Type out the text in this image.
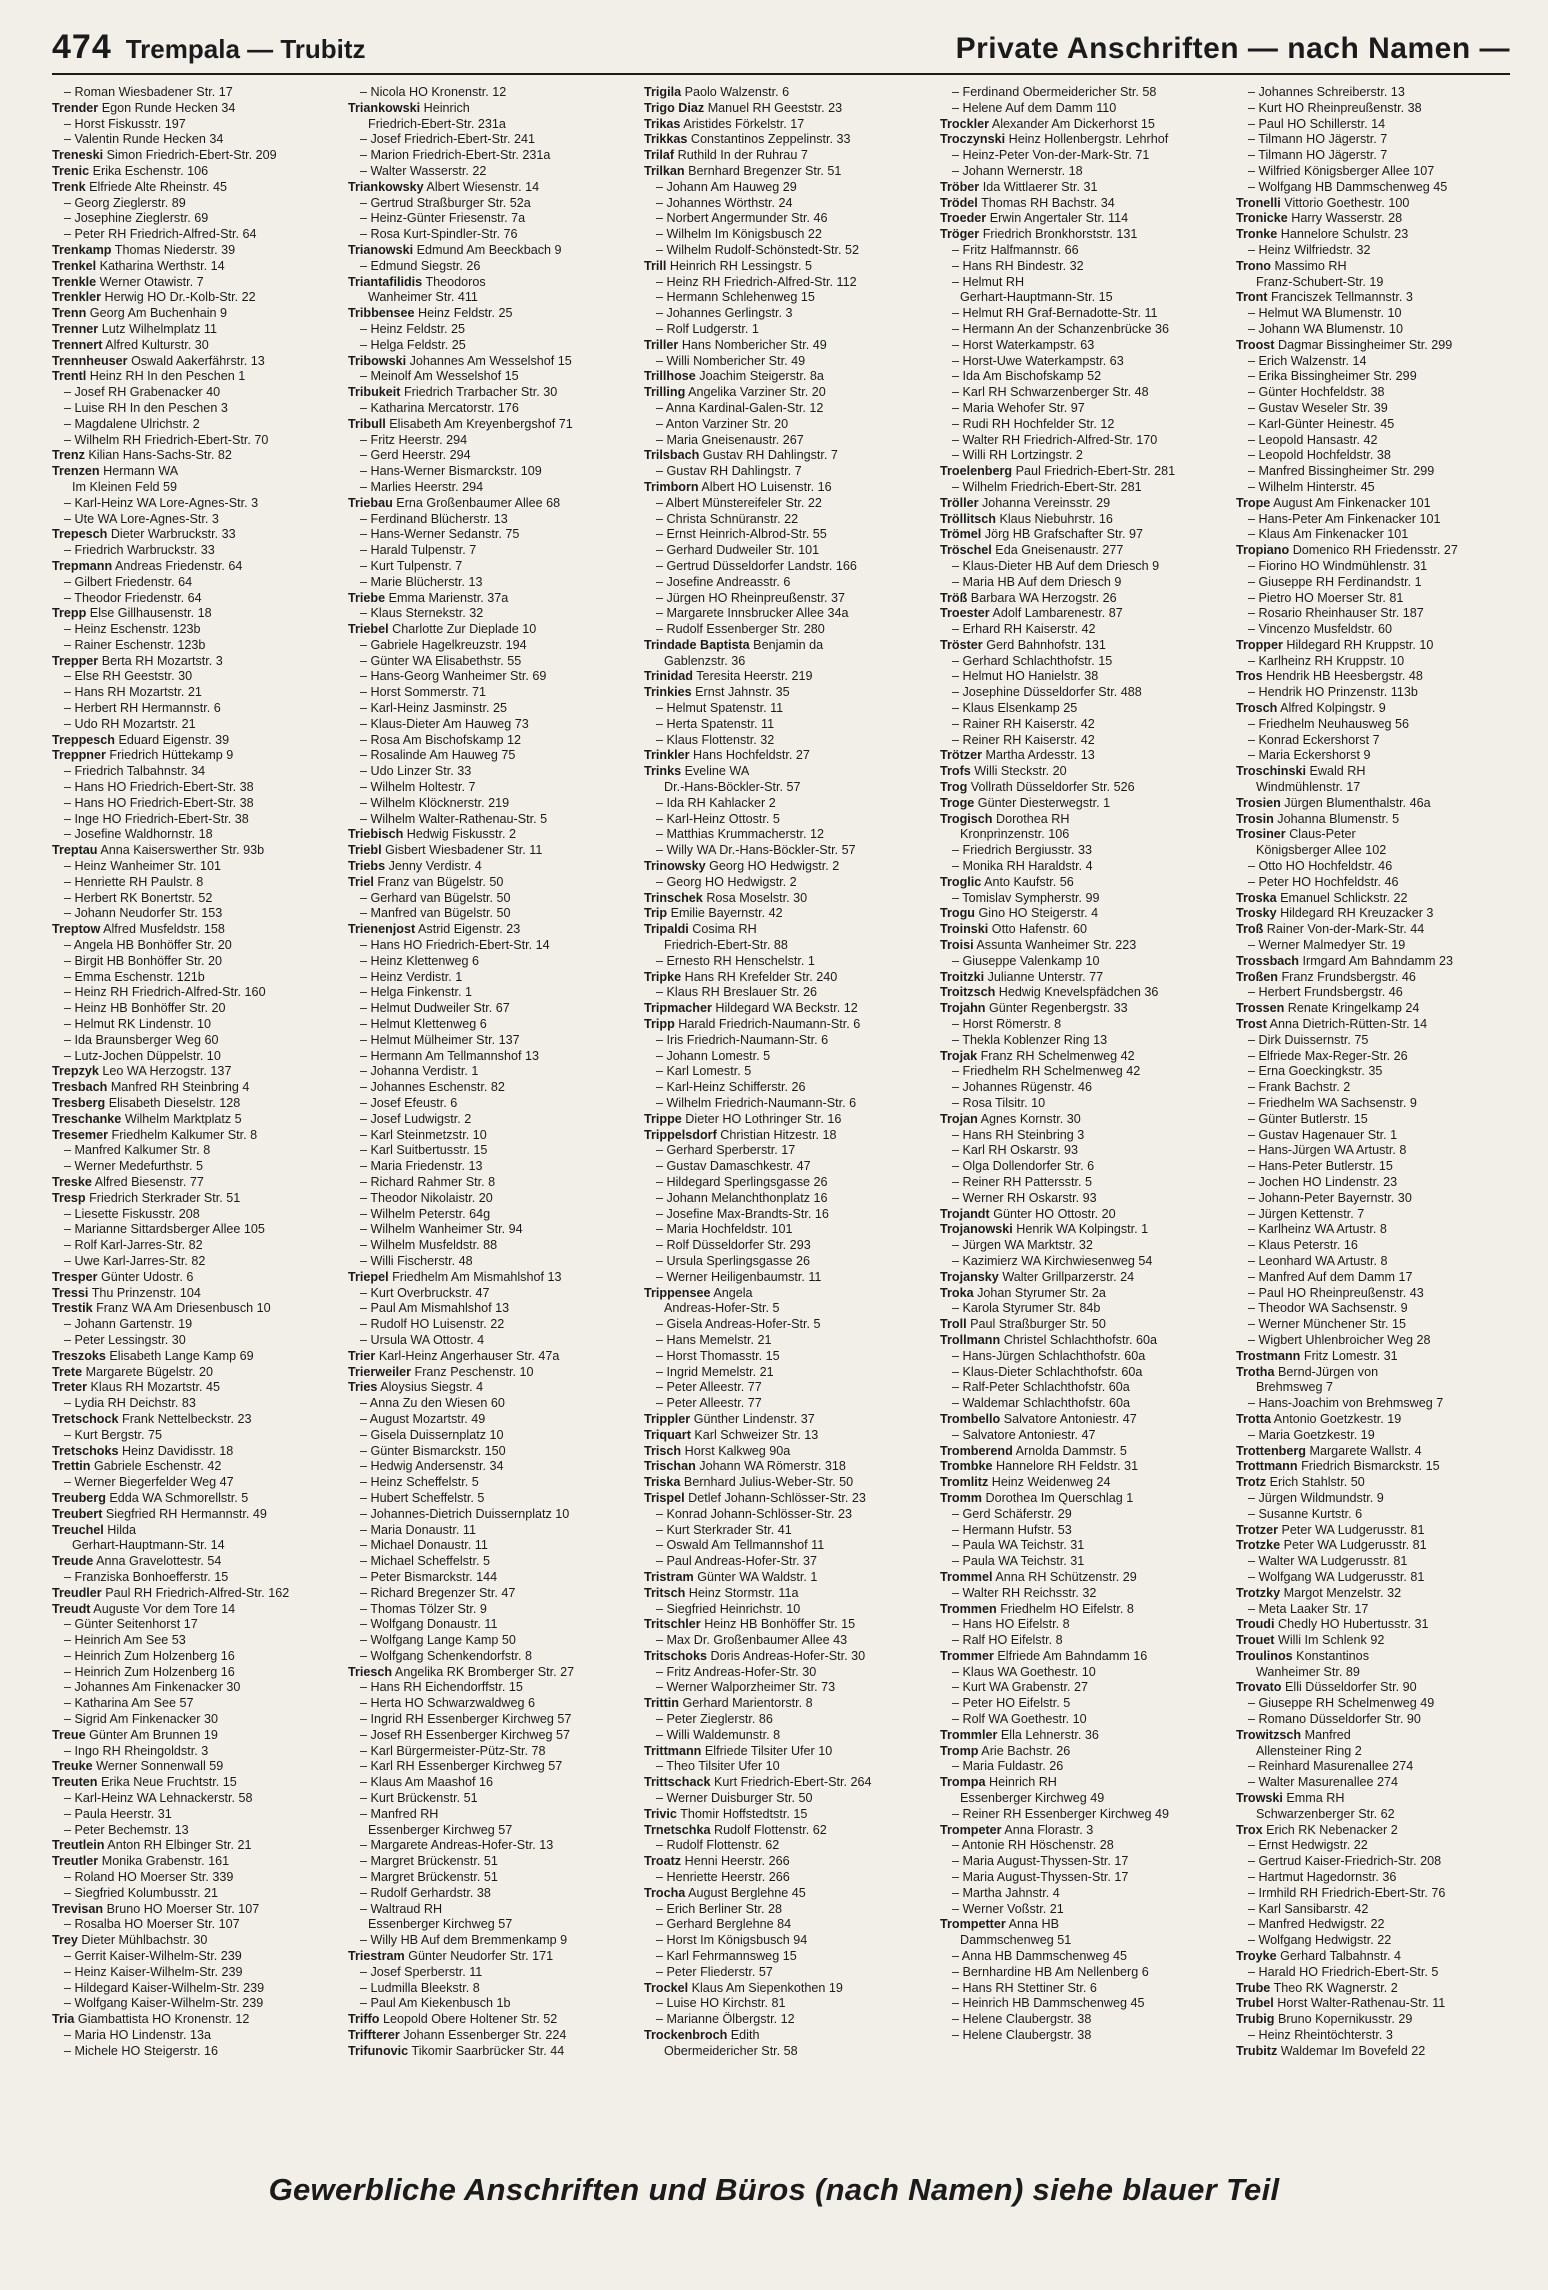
474 Trempala — Trubitz	Private Anschriften — nach Namen —
– Roman Wiesbadener Str. 17
Trender Egon Runde Hecken 34
– Horst Fiskusstr. 197
– Valentin Runde Hecken 34
Treneski Simon Friedrich-Ebert-Str. 209
Trenic Erika Eschenstr. 106
Trenk Elfriede Alte Rheinstr. 45
– Georg Zieglerstr. 89
– Josephine Zieglerstr. 69
– Peter RH Friedrich-Alfred-Str. 64
Trenkamp Thomas Niederstr. 39
Trenkel Katharina Werthstr. 14
Trenkle Werner Otawistr. 7
Trenkler Herwig HO Dr.-Kolb-Str. 22
Trenn Georg Am Buchenhain 9
Trenner Lutz Wilhelmplatz 11
Trennert Alfred Kulturstr. 30
Trennheuser Oswald Aakerfährstr. 13
Trentl Heinz RH In den Peschen 1
– Josef RH Grabenacker 40
– Luise RH In den Peschen 3
– Magdalene Ulrichstr. 2
– Wilhelm RH Friedrich-Ebert-Str. 70
Trenz Kilian Hans-Sachs-Str. 82
Trenzen Hermann WA
Im Kleinen Feld 59
– Karl-Heinz WA Lore-Agnes-Str. 3
– Ute WA Lore-Agnes-Str. 3
Trepesch Dieter Warbruckstr. 33
– Friedrich Warbruckstr. 33
Trepmann Andreas Friedenstr. 64
– Gilbert Friedenstr. 64
– Theodor Friedenstr. 64
Trepp Else Gillhausenstr. 18
– Heinz Eschenstr. 123b
– Rainer Eschenstr. 123b
Trepper Berta RH Mozartstr. 3
– Else RH Geeststr. 30
– Hans RH Mozartstr. 21
– Herbert RH Hermannstr. 6
– Udo RH Mozartstr. 21
Treppesch Eduard Eigenstr. 39
Treppner Friedrich Hüttekamp 9
– Friedrich Talbahnstr. 34
– Hans HO Friedrich-Ebert-Str. 38
– Hans HO Friedrich-Ebert-Str. 38
– Inge HO Friedrich-Ebert-Str. 38
– Josefine Waldhornstr. 18
Treptau Anna Kaiserswerther Str. 93b
– Heinz Wanheimer Str. 101
– Henriette RH Paulstr. 8
– Herbert RK Bonertstr. 52
– Johann Neudorfer Str. 153
Treptow Alfred Musfeldstr. 158
– Angela HB Bonhöffer Str. 20
– Birgit HB Bonhöffer Str. 20
– Emma Eschenstr. 121b
– Heinz RH Friedrich-Alfred-Str. 160
– Heinz HB Bonhöffer Str. 20
– Helmut RK Lindenstr. 10
– Ida Braunsberger Weg 60
– Lutz-Jochen Düppelstr. 10
Trepzyk Leo WA Herzogstr. 137
Tresbach Manfred RH Steinbring 4
Tresberg Elisabeth Dieselstr. 128
Treschanke Wilhelm Marktplatz 5
Tresemer Friedhelm Kalkumer Str. 8
– Manfred Kalkumer Str. 8
– Werner Medefurthstr. 5
Treske Alfred Biesenstr. 77
Tresp Friedrich Sterkrader Str. 51
– Liesette Fiskusstr. 208
– Marianne Sittardsberger Allee 105
– Rolf Karl-Jarres-Str. 82
– Uwe Karl-Jarres-Str. 82
Tresper Günter Udostr. 6
Tressi Thu Prinzenstr. 104
Trestik Franz WA Am Driesenbusch 10
– Johann Gartenstr. 19
– Peter Lessingstr. 30
Treszoks Elisabeth Lange Kamp 69
Trete Margarete Bügelstr. 20
Treter Klaus RH Mozartstr. 45
– Lydia RH Deichstr. 83
Tretschock Frank Nettelbeckstr. 23
– Kurt Bergstr. 75
Tretschoks Heinz Davidisstr. 18
Trettin Gabriele Eschenstr. 42
– Werner Biegerfelder Weg 47
Treuberg Edda WA Schmorellstr. 5
Treubert Siegfried RH Hermannstr. 49
Treuchel Hilda
Gerhart-Hauptmann-Str. 14
Treude Anna Gravelottestr. 54
– Franziska Bonhoefferstr. 15
Treudler Paul RH Friedrich-Alfred-Str. 162
Treudt Auguste Vor dem Tore 14
– Günter Seitenhorst 17
– Heinrich Am See 53
– Heinrich Zum Holzenberg 16
– Heinrich Zum Holzenberg 16
– Johannes Am Finkenacker 30
– Katharina Am See 57
– Sigrid Am Finkenacker 30
Treue Günter Am Brunnen 19
– Ingo RH Rheingoldstr. 3
Treuke Werner Sonnenwall 59
Treuten Erika Neue Fruchtstr. 15
– Karl-Heinz WA Lehnackerstr. 58
– Paula Heerstr. 31
– Peter Bechemstr. 13
Treutlein Anton RH Elbinger Str. 21
Treutler Monika Grabenstr. 161
– Roland HO Moerser Str. 339
– Siegfried Kolumbusstr. 21
Trevisan Bruno HO Moerser Str. 107
– Rosalba HO Moerser Str. 107
Trey Dieter Mühlbachstr. 30
– Gerrit Kaiser-Wilhelm-Str. 239
– Heinz Kaiser-Wilhelm-Str. 239
– Hildegard Kaiser-Wilhelm-Str. 239
– Wolfgang Kaiser-Wilhelm-Str. 239
Tria Giambattista HO Kronenstr. 12
– Maria HO Lindenstr. 13a
– Michele HO Steigerstr. 16
– Nicola HO Kronenstr. 12
Triankowski Heinrich
Friedrich-Ebert-Str. 231a
– Josef Friedrich-Ebert-Str. 241
– Marion Friedrich-Ebert-Str. 231a
– Walter Wasserstr. 22
Triankowsky Albert Wiesenstr. 14
– Gertrud Straßburger Str. 52a
– Heinz-Günter Friesenstr. 7a
– Rosa Kurt-Spindler-Str. 76
Trianowski Edmund Am Beeckbach 9
– Edmund Siegstr. 26
Triantafilidis Theodoros
Wanheimer Str. 411
Tribbensee Heinz Feldstr. 25
– Heinz Feldstr. 25
– Helga Feldstr. 25
Tribowski Johannes Am Wesselshof 15
– Meinolf Am Wesselshof 15
Tribukeit Friedrich Trarbacher Str. 30
– Katharina Mercatorstr. 176
Tribull Elisabeth Am Kreyenbergshof 71
– Fritz Heerstr. 294
– Gerd Heerstr. 294
– Hans-Werner Bismarckstr. 109
– Marlies Heerstr. 294
Triebau Erna Großenbaumer Allee 68
– Ferdinand Blücherstr. 13
– Hans-Werner Sedanstr. 75
– Harald Tulpenstr. 7
– Kurt Tulpenstr. 7
– Marie Blücherstr. 13
Triebe Emma Marienstr. 37a
– Klaus Sternekstr. 32
Triebel Charlotte Zur Dieplade 10
– Gabriele Hagelkreuzstr. 194
– Günter WA Elisabethstr. 55
– Hans-Georg Wanheimer Str. 69
– Horst Sommerstr. 71
– Karl-Heinz Jasminstr. 25
– Klaus-Dieter Am Hauweg 73
– Rosa Am Bischofskamp 12
– Rosalinde Am Hauweg 75
– Udo Linzer Str. 33
– Wilhelm Holtestr. 7
– Wilhelm Klöcknerstr. 219
– Wilhelm Walter-Rathenau-Str. 5
Triebisch Hedwig Fiskusstr. 2
Triebl Gisbert Wiesbadener Str. 11
Triebs Jenny Verdistr. 4
Triel Franz van Bügelstr. 50
– Gerhard van Bügelstr. 50
– Manfred van Bügelstr. 50
Trienenjost Astrid Eigenstr. 23
– Hans HO Friedrich-Ebert-Str. 14
– Heinz Klettenweg 6
– Heinz Verdistr. 1
– Helga Finkenstr. 1
– Helmut Dudweiler Str. 67
– Helmut Klettenweg 6
– Helmut Mülheimer Str. 137
– Hermann Am Tellmannshof 13
– Johanna Verdistr. 1
– Johannes Eschenstr. 82
– Josef Efeustr. 6
– Josef Ludwigstr. 2
– Karl Steinmetzstr. 10
– Karl Suitbertusstr. 15
– Maria Friedenstr. 13
– Richard Rahmer Str. 8
– Theodor Nikolaistr. 20
– Wilhelm Peterstr. 64g
– Wilhelm Wanheimer Str. 94
– Wilhelm Musfeldstr. 88
– Willi Fischerstr. 48
Triepel Friedhelm Am Mismahlshof 13
– Kurt Overbruckstr. 47
– Paul Am Mismahlshof 13
– Rudolf HO Luisenstr. 22
– Ursula WA Ottostr. 4
Trier Karl-Heinz Angerhauser Str. 47a
Trierweiler Franz Peschenstr. 10
Tries Aloysius Siegstr. 4
– Anna Zu den Wiesen 60
– August Mozartstr. 49
– Gisela Duissernplatz 10
– Günter Bismarckstr. 150
– Hedwig Andersenstr. 34
– Heinz Scheffelstr. 5
– Hubert Scheffelstr. 5
– Johannes-Dietrich Duissernplatz 10
– Maria Donaustr. 11
– Michael Donaustr. 11
– Michael Scheffelstr. 5
– Peter Bismarckstr. 144
– Richard Bregenzer Str. 47
– Thomas Tölzer Str. 9
– Wolfgang Donaustr. 11
– Wolfgang Lange Kamp 50
– Wolfgang Schenkendorfstr. 8
Triesch Angelika RK Bromberger Str. 27
– Hans RH Eichendorffstr. 15
– Herta HO Schwarzwaldweg 6
– Ingrid RH Essenberger Kirchweg 57
– Josef RH Essenberger Kirchweg 57
– Karl Bürgermeister-Pütz-Str. 78
– Karl RH Essenberger Kirchweg 57
– Klaus Am Maashof 16
– Kurt Brückenstr. 51
– Manfred RH
Essenberger Kirchweg 57
– Margarete Andreas-Hofer-Str. 13
– Margret Brückenstr. 51
– Margret Brückenstr. 51
– Rudolf Gerhardstr. 38
– Waltraud RH
Essenberger Kirchweg 57
– Willy HB Auf dem Bremmenkamp 9
Triestram Günter Neudorfer Str. 171
– Josef Sperberstr. 11
– Ludmilla Bleekstr. 8
– Paul Am Kiekenbusch 1b
Triffo Leopold Obere Holtener Str. 52
Triffterer Johann Essenberger Str. 224
Trifunovic Tikomir Saarbrücker Str. 44
Trigila Paolo Walzenstr. 6
Trigo Diaz Manuel RH Geeststr. 23
Trikas Aristides Förkelstr. 17
Trikkas Constantinos Zeppelinstr. 33
Trilaf Ruthild In der Ruhrau 7
Trilkan Bernhard Bregenzer Str. 51
– Johann Am Hauweg 29
– Johannes Wörthstr. 24
– Norbert Angermunder Str. 46
– Wilhelm Im Königsbusch 22
– Wilhelm Rudolf-Schönstedt-Str. 52
Trill Heinrich RH Lessingstr. 5
– Heinz RH Friedrich-Alfred-Str. 112
– Hermann Schlehenweg 15
– Johannes Gerlingstr. 3
– Rolf Ludgerstr. 1
Triller Hans Nombericher Str. 49
– Willi Nombericher Str. 49
Trillhose Joachim Steigerstr. 8a
Trilling Angelika Varziner Str. 20
– Anna Kardinal-Galen-Str. 12
– Anton Varziner Str. 20
– Maria Gneisenaustr. 267
Trilsbach Gustav RH Dahlingstr. 7
– Gustav RH Dahlingstr. 7
Trimborn Albert HO Luisenstr. 16
– Albert Münstereifeler Str. 22
– Christa Schnüranstr. 22
– Ernst Heinrich-Albrod-Str. 55
– Gerhard Dudweiler Str. 101
– Gertrud Düsseldorfer Landstr. 166
– Josefine Andreasstr. 6
– Jürgen HO Rheinpreußenstr. 37
– Margarete Innsbrucker Allee 34a
– Rudolf Essenberger Str. 280
Trindade Baptista Benjamin da
Gablenzstr. 36
Trinidad Teresita Heerstr. 219
Trinkies Ernst Jahnstr. 35
– Helmut Spatenstr. 11
– Herta Spatenstr. 11
– Klaus Flottenstr. 32
Trinkler Hans Hochfeldstr. 27
Trinks Eveline WA
Dr.-Hans-Böckler-Str. 57
– Ida RH Kahlacker 2
– Karl-Heinz Ottostr. 5
– Matthias Krummacherstr. 12
– Willy WA Dr.-Hans-Böckler-Str. 57
Trinowsky Georg HO Hedwigstr. 2
– Georg HO Hedwigstr. 2
Trinschek Rosa Moselstr. 30
Trip Emilie Bayernstr. 42
Tripaldi Cosima RH
Friedrich-Ebert-Str. 88
– Ernesto RH Henschelstr. 1
Tripke Hans RH Krefelder Str. 240
– Klaus RH Breslauer Str. 26
Tripmacher Hildegard WA Beckstr. 12
Tripp Harald Friedrich-Naumann-Str. 6
– Iris Friedrich-Naumann-Str. 6
– Johann Lomestr. 5
– Karl Lomestr. 5
– Karl-Heinz Schifferstr. 26
– Wilhelm Friedrich-Naumann-Str. 6
Trippe Dieter HO Lothringer Str. 16
Trippelsdorf Christian Hitzestr. 18
– Gerhard Sperberstr. 17
– Gustav Damaschkestr. 47
– Hildegard Sperlingsgasse 26
– Johann Melanchthonplatz 16
– Josefine Max-Brandts-Str. 16
– Maria Hochfeldstr. 101
– Rolf Düsseldorfer Str. 293
– Ursula Sperlingsgasse 26
– Werner Heiligenbaumstr. 11
Trippensee Angela
Andreas-Hofer-Str. 5
– Gisela Andreas-Hofer-Str. 5
– Hans Memelstr. 21
– Horst Thomasstr. 15
– Ingrid Memelstr. 21
– Peter Alleestr. 77
– Peter Alleestr. 77
Trippler Günther Lindenstr. 37
Triquart Karl Schweizer Str. 13
Trisch Horst Kalkweg 90a
Trischan Johann WA Römerstr. 318
Triska Bernhard Julius-Weber-Str. 50
Trispel Detlef Johann-Schlösser-Str. 23
– Konrad Johann-Schlösser-Str. 23
– Kurt Sterkrader Str. 41
– Oswald Am Tellmannshof 11
– Paul Andreas-Hofer-Str. 37
Tristram Günter WA Waldstr. 1
Tritsch Heinz Stormstr. 11a
– Siegfried Heinrichstr. 10
Tritschler Heinz HB Bonhöffer Str. 15
– Max Dr. Großenbaumer Allee 43
Tritschoks Doris Andreas-Hofer-Str. 30
– Fritz Andreas-Hofer-Str. 30
– Werner Walporzheimer Str. 73
Trittin Gerhard Marientorstr. 8
– Peter Zieglerstr. 86
– Willi Waldemunstr. 8
Trittmann Elfriede Tilsiter Ufer 10
– Theo Tilsiter Ufer 10
Trittschack Kurt Friedrich-Ebert-Str. 264
– Werner Duisburger Str. 50
Trivic Thomir Hoffstedtstr. 15
Trnetschka Rudolf Flottenstr. 62
– Rudolf Flottenstr. 62
Troatz Henni Heerstr. 266
– Henriette Heerstr. 266
Trocha August Berglehne 45
– Erich Berliner Str. 28
– Gerhard Berglehne 84
– Horst Im Königsbusch 94
– Karl Fehrmannsweg 15
– Peter Fliederstr. 57
Trockel Klaus Am Siepenkothen 19
– Luise HO Kirchstr. 81
– Marianne Ölbergstr. 12
Trockenbroch Edith
Obermeidericher Str. 58
– Ferdinand Obermeidericher Str. 58
– Helene Auf dem Damm 110
Trockler Alexander Am Dickerhorst 15
Troczynski Heinz Hollenbergstr. Lehrhof
– Heinz-Peter Von-der-Mark-Str. 71
– Johann Wernerstr. 18
Tröber Ida Wittlaerer Str. 31
Trödel Thomas RH Bachstr. 34
Troeder Erwin Angertaler Str. 114
Tröger Friedrich Bronkhorststr. 131
– Fritz Halfmannstr. 66
– Hans RH Bindestr. 32
– Helmut RH
Gerhart-Hauptmann-Str. 15
– Helmut RH Graf-Bernadotte-Str. 11
– Hermann An der Schanzenbrücke 36
– Horst Waterkampstr. 63
– Horst-Uwe Waterkampstr. 63
– Ida Am Bischofskamp 52
– Karl RH Schwarzenberger Str. 48
– Maria Wehofer Str. 97
– Rudi RH Hochfelder Str. 12
– Walter RH Friedrich-Alfred-Str. 170
– Willi RH Lortzingstr. 2
Troelenberg Paul Friedrich-Ebert-Str. 281
– Wilhelm Friedrich-Ebert-Str. 281
Tröller Johanna Vereinsstr. 29
Tröllitsch Klaus Niebuhrstr. 16
Trömel Jörg HB Grafschafter Str. 97
Tröschel Eda Gneisenaustr. 277
– Klaus-Dieter HB Auf dem Driesch 9
– Maria HB Auf dem Driesch 9
Tröß Barbara WA Herzogstr. 26
Troester Adolf Lambarenestr. 87
– Erhard RH Kaiserstr. 42
Tröster Gerd Bahnhofstr. 131
– Gerhard Schlachthofstr. 15
– Helmut HO Hanielstr. 38
– Josephine Düsseldorfer Str. 488
– Klaus Elsenkamp 25
– Rainer RH Kaiserstr. 42
– Reiner RH Kaiserstr. 42
Trötzer Martha Ardesstr. 13
Trofs Willi Steckstr. 20
Trog Vollrath Düsseldorfer Str. 526
Troge Günter Diesterwegstr. 1
Trogisch Dorothea RH
Kronprinzenstr. 106
– Friedrich Bergiusstr. 33
– Monika RH Haraldstr. 4
Troglic Anto Kaufstr. 56
– Tomislav Sympherstr. 99
Trogu Gino HO Steigerstr. 4
Troinski Otto Hafenstr. 60
Troisi Assunta Wanheimer Str. 223
– Giuseppe Valenkamp 10
Troitzki Julianne Unterstr. 77
Troitzsch Hedwig Knevelspfädchen 36
Trojahn Günter Regenbergstr. 33
– Horst Römerstr. 8
– Thekla Koblenzer Ring 13
Trojak Franz RH Schelmenweg 42
– Friedhelm RH Schelmenweg 42
– Johannes Rügenstr. 46
– Rosa Tilsitr. 10
Trojan Agnes Kornstr. 30
– Hans RH Steinbring 3
– Karl RH Oskarstr. 93
– Olga Dollendorfer Str. 6
– Reiner RH Pattersstr. 5
– Werner RH Oskarstr. 93
Trojandt Günter HO Ottostr. 20
Trojanowski Henrik WA Kolpingstr. 1
– Jürgen WA Marktstr. 32
– Kazimierz WA Kirchwiesenweg 54
Trojansky Walter Grillparzerstr. 24
Troka Johan Styrumer Str. 2a
– Karola Styrumer Str. 84b
Troll Paul Straßburger Str. 50
Trollmann Christel Schlachthofstr. 60a
– Hans-Jürgen Schlachthofstr. 60a
– Klaus-Dieter Schlachthofstr. 60a
– Ralf-Peter Schlachthofstr. 60a
– Waldemar Schlachthofstr. 60a
Trombello Salvatore Antoniestr. 47
– Salvatore Antoniestr. 47
Tromberend Arnolda Dammstr. 5
Trombke Hannelore RH Feldstr. 31
Tromlitz Heinz Weidenweg 24
Tromm Dorothea Im Querschlag 1
– Gerd Schäferstr. 29
– Hermann Hufstr. 53
– Paula WA Teichstr. 31
– Paula WA Teichstr. 31
Trommel Anna RH Schützenstr. 29
– Walter RH Reichsstr. 32
Trommen Friedhelm HO Eifelstr. 8
– Hans HO Eifelstr. 8
– Ralf HO Eifelstr. 8
Trommer Elfriede Am Bahndamm 16
– Klaus WA Goethestr. 10
– Kurt WA Grabenstr. 27
– Peter HO Eifelstr. 5
– Rolf WA Goethestr. 10
Trommler Ella Lehnerstr. 36
Tromp Arie Bachstr. 26
– Maria Fuldastr. 26
Trompa Heinrich RH
Essenberger Kirchweg 49
– Reiner RH Essenberger Kirchweg 49
Trompeter Anna Florastr. 3
– Antonie RH Höschenstr. 28
– Maria August-Thyssen-Str. 17
– Maria August-Thyssen-Str. 17
– Martha Jahnstr. 4
– Werner Voßstr. 21
Trompetter Anna HB
Dammschenweg 51
– Anna HB Dammschenweg 45
– Bernhardine HB Am Nellenberg 6
– Hans RH Stettiner Str. 6
– Heinrich HB Dammschenweg 45
– Helene Claubergstr. 38
– Helene Claubergstr. 38
– Johannes Schreiberstr. 13
– Kurt HO Rheinpreußenstr. 38
– Paul HO Schillerstr. 14
– Tilmann HO Jägerstr. 7
– Tilmann HO Jägerstr. 7
– Wilfried Königsberger Allee 107
– Wolfgang HB Dammschenweg 45
Tronelli Vittorio Goethestr. 100
Tronicke Harry Wasserstr. 28
Tronke Hannelore Schulstr. 23
– Heinz Wilfriedstr. 32
Trono Massimo RH
Franz-Schubert-Str. 19
Tront Franciszek Tellmannstr. 3
– Helmut WA Blumenstr. 10
– Johann WA Blumenstr. 10
Troost Dagmar Bissingheimer Str. 299
– Erich Walzenstr. 14
– Erika Bissingheimer Str. 299
– Günter Hochfeldstr. 38
– Gustav Weseler Str. 39
– Karl-Günter Heinestr. 45
– Leopold Hansastr. 42
– Leopold Hochfeldstr. 38
– Manfred Bissingheimer Str. 299
– Wilhelm Hinterstr. 45
Trope August Am Finkenacker 101
– Hans-Peter Am Finkenacker 101
– Klaus Am Finkenacker 101
Tropiano Domenico RH Friedensstr. 27
– Fiorino HO Windmühlenstr. 31
– Giuseppe RH Ferdinandstr. 1
– Pietro HO Moerser Str. 81
– Rosario Rheinhauser Str. 187
– Vincenzo Musfeldstr. 60
Tropper Hildegard RH Kruppstr. 10
– Karlheinz RH Kruppstr. 10
Tros Hendrik HB Heesbergstr. 48
– Hendrik HO Prinzenstr. 113b
Trosch Alfred Kolpingstr. 9
– Friedhelm Neuhausweg 56
– Konrad Eckershorst 7
– Maria Eckershorst 9
Troschinski Ewald RH
Windmühlenstr. 17
Trosien Jürgen Blumenthalstr. 46a
Trosin Johanna Blumenstr. 5
Trosiner Claus-Peter
Königsberger Allee 102
– Otto HO Hochfeldstr. 46
– Peter HO Hochfeldstr. 46
Troska Emanuel Schlickstr. 22
Trosky Hildegard RH Kreuzacker 3
Troß Rainer Von-der-Mark-Str. 44
– Werner Malmedyer Str. 19
Trossbach Irmgard Am Bahndamm 23
Troßen Franz Frundsbergstr. 46
– Herbert Frundsbergstr. 46
Trossen Renate Kringelkamp 24
Trost Anna Dietrich-Rütten-Str. 14
– Dirk Duissernstr. 75
– Elfriede Max-Reger-Str. 26
– Erna Goeckingkstr. 35
– Frank Bachstr. 2
– Friedhelm WA Sachsenstr. 9
– Günter Butlerstr. 15
– Gustav Hagenauer Str. 1
– Hans-Jürgen WA Artustr. 8
– Hans-Peter Butlerstr. 15
– Jochen HO Lindenstr. 23
– Johann-Peter Bayernstr. 30
– Jürgen Kettenstr. 7
– Karlheinz WA Artustr. 8
– Klaus Peterstr. 16
– Leonhard WA Artustr. 8
– Manfred Auf dem Damm 17
– Paul HO Rheinpreußenstr. 43
– Theodor WA Sachsenstr. 9
– Werner Münchener Str. 15
– Wigbert Uhlenbroicher Weg 28
Trostmann Fritz Lomestr. 31
Trotha Bernd-Jürgen von
Brehmsweg 7
– Hans-Joachim von Brehmsweg 7
Trotta Antonio Goetzkestr. 19
– Maria Goetzkestr. 19
Trottenberg Margarete Wallstr. 4
Trottmann Friedrich Bismarckstr. 15
Trotz Erich Stahlstr. 50
– Jürgen Wildmundstr. 9
– Susanne Kurtstr. 6
Trotzer Peter WA Ludgerusstr. 81
Trotzke Peter WA Ludgerusstr. 81
– Walter WA Ludgerusstr. 81
– Wolfgang WA Ludgerusstr. 81
Trotzky Margot Menzelstr. 32
– Meta Laaker Str. 17
Troudi Chedly HO Hubertusstr. 31
Trouet Willi Im Schlenk 92
Troulinos Konstantinos
Wanheimer Str. 89
Trovato Elli Düsseldorfer Str. 90
– Giuseppe RH Schelmenweg 49
– Romano Düsseldorfer Str. 90
Trowitzsch Manfred
Allensteiner Ring 2
– Reinhard Masurenallee 274
– Walter Masurenallee 274
Trowski Emma RH
Schwarzenberger Str. 62
Trox Erich RK Nebenacker 2
– Ernst Hedwigstr. 22
– Gertrud Kaiser-Friedrich-Str. 208
– Hartmut Hagedornstr. 36
– Irmhild RH Friedrich-Ebert-Str. 76
– Karl Sansibarstr. 42
– Manfred Hedwigstr. 22
– Wolfgang Hedwigstr. 22
Troyke Gerhard Talbahnstr. 4
– Harald HO Friedrich-Ebert-Str. 5
Trube Theo RK Wagnerstr. 2
Trubel Horst Walter-Rathenau-Str. 11
Trubig Bruno Kopernikusstr. 29
– Heinz Rheintöchterstr. 3
Trubitz Waldemar Im Bovefeld 22
Gewerbliche Anschriften und Büros (nach Namen) siehe blauer Teil
